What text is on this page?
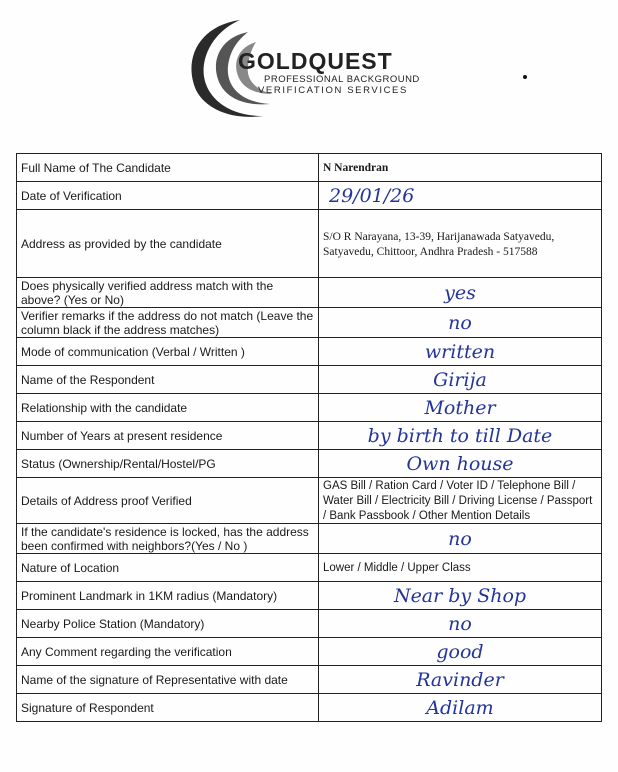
GOLDQUEST
PROFESSIONAL BACKGROUND
VERIFICATION SERVICES
Full Name of The Candidate	N Narendran
Date of Verification	29/01/26

Address as provided by the candidate	S/O R Narayana, 13-39, Harijanawada Satyavedu, Satyavedu, Chittoor, Andhra Pradesh - 517588
Does physically verified address match with the above? (Yes or No)	yes

Verifier remarks if the address do not match (Leave the column black if the address matches)	no

Mode of communication (Verbal / Written )	written

Name of the Respondent	Girija

Relationship with the candidate	Mother

Number of Years at present residence	by birth to till Date

Status (Ownership/Rental/Hostel/PG	Own house

Details of Address proof Verified	GAS Bill / Ration Card / Voter ID / Telephone Bill / Water Bill / Electricity Bill / Driving License / Passport / Bank Passbook / Other Mention Details
If the candidate's residence is locked, has the address been confirmed with neighbors?(Yes / No )	no

Nature of Location	Lower / Middle / Upper Class
Prominent Landmark in 1KM radius (Mandatory)	Near by Shop

Nearby Police Station (Mandatory)	no

Any Comment regarding the verification	good

Name of the signature of Representative with date	Ravinder

Signature of Respondent	Adilam
